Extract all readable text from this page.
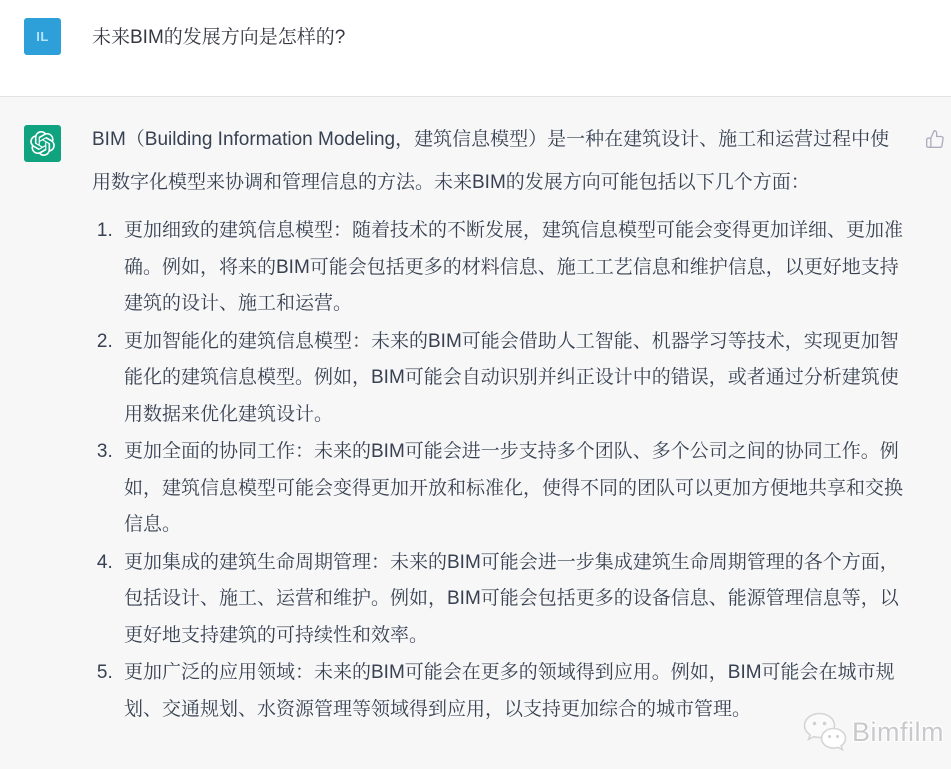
IL 未来BIM的发展方向是怎样的?

BIM（Building Information Modeling，建筑信息模型）是一种在建筑设计、施工和运营过程中使用数字化模型来协调和管理信息的方法。未来BIM的发展方向可能包括以下几个方面：

1. 更加细致的建筑信息模型：随着技术的不断发展，建筑信息模型可能会变得更加详细、更加准确。例如，将来的BIM可能会包括更多的材料信息、施工工艺信息和维护信息，以更好地支持建筑的设计、施工和运营。
2. 更加智能化的建筑信息模型：未来的BIM可能会借助人工智能、机器学习等技术，实现更加智能化的建筑信息模型。例如，BIM可能会自动识别并纠正设计中的错误，或者通过分析建筑使用数据来优化建筑设计。
3. 更加全面的协同工作：未来的BIM可能会进一步支持多个团队、多个公司之间的协同工作。例如，建筑信息模型可能会变得更加开放和标准化，使得不同的团队可以更加方便地共享和交换信息。
4. 更加集成的建筑生命周期管理：未来的BIM可能会进一步集成建筑生命周期管理的各个方面，包括设计、施工、运营和维护。例如，BIM可能会包括更多的设备信息、能源管理信息等，以更好地支持建筑的可持续性和效率。
5. 更加广泛的应用领域：未来的BIM可能会在更多的领域得到应用。例如，BIM可能会在城市规划、交通规划、水资源管理等领域得到应用，以支持更加综合的城市管理。
Bimfilm
